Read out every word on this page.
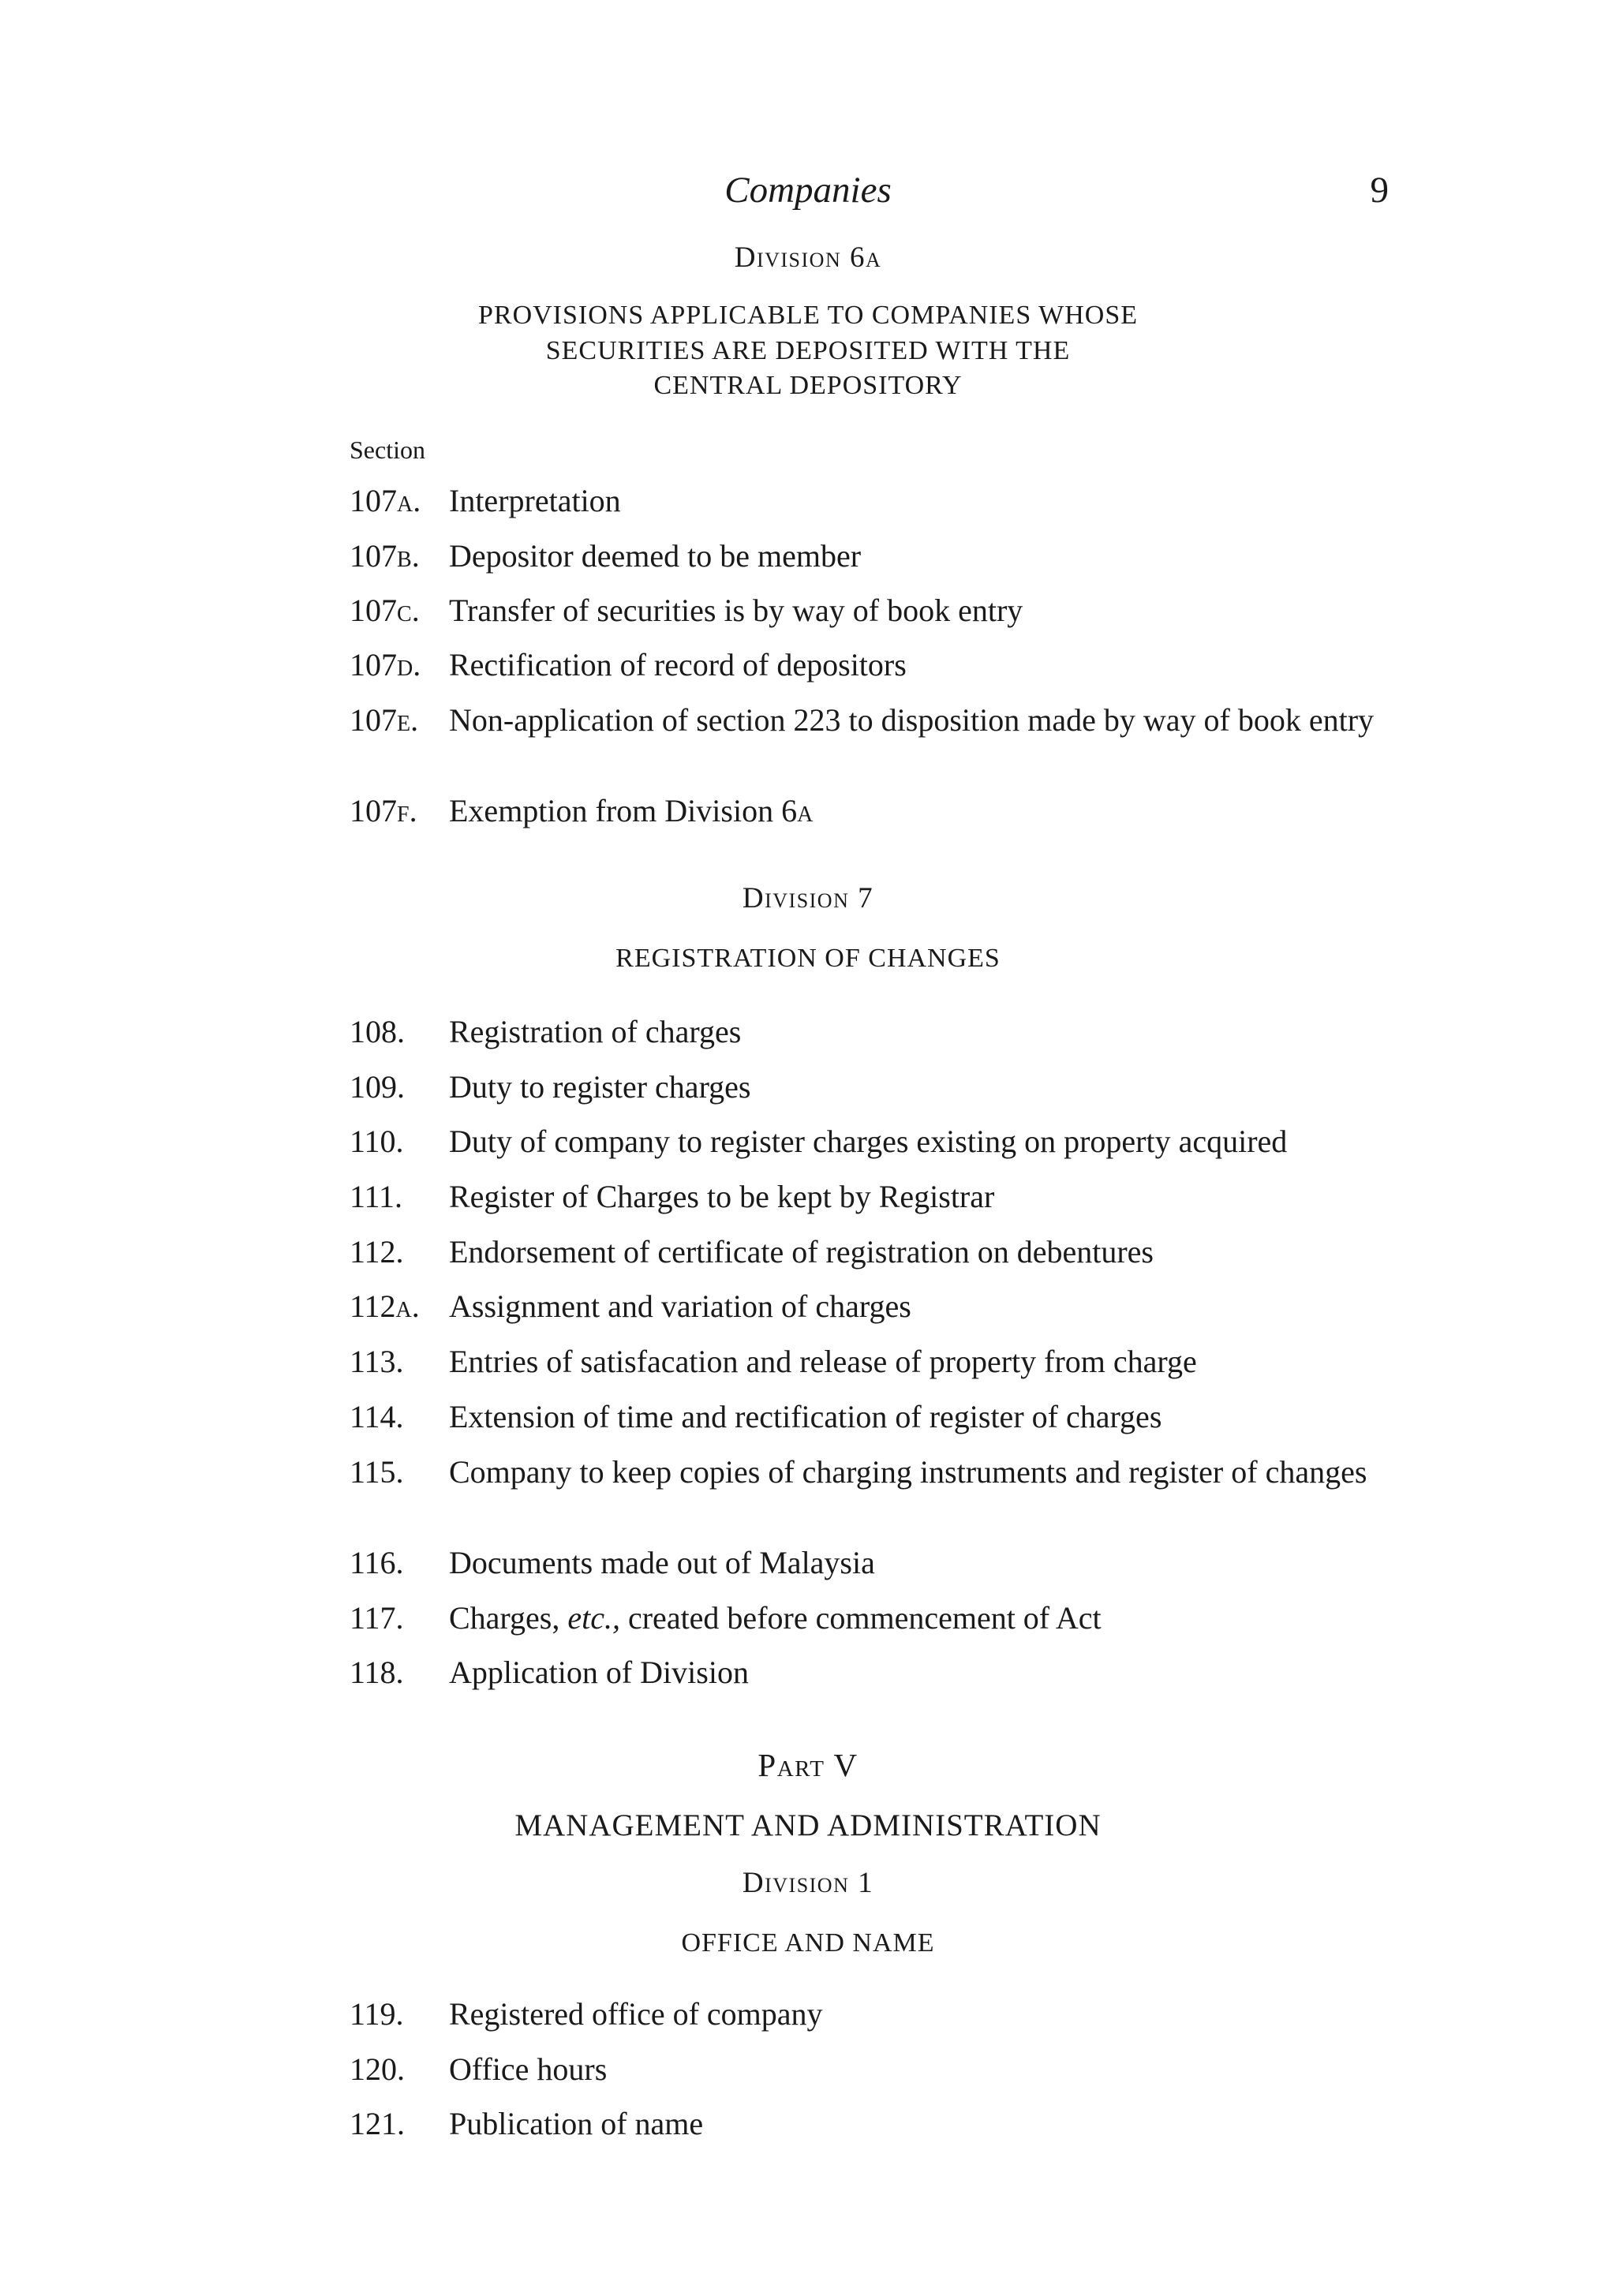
Companies	9
Division 6a
PROVISIONS APPLICABLE TO COMPANIES WHOSE
SECURITIES ARE DEPOSITED WITH THE
CENTRAL DEPOSITORY
Section
107a. Interpretation
107b. Depositor deemed to be member
107c. Transfer of securities is by way of book entry
107d. Rectification of record of depositors
107e. Non-application of section 223 to disposition made by way of book entry
107f.	Exemption from Division 6a
Division 7
REGISTRATION OF CHANGES
108.	Registration of charges
109.	Duty to register charges
110.	Duty of company to register charges existing on property acquired
111.	Register of Charges to be kept by Registrar
112.	Endorsement of certificate of registration on debentures
112a. Assignment and variation of charges
113.	Entries of satisfacation and release of property from charge
114.	Extension of time and rectification of register of charges
115.	Company to keep copies of charging instruments and register of changes
116.	Documents made out of Malaysia
117.	Charges, etc., created before commencement of Act
118.	Application of Division
Part V
MANAGEMENT AND ADMINISTRATION
Division 1
OFFICE AND NAME
119.	Registered office of company
120.	Office hours
121.	Publication of name
